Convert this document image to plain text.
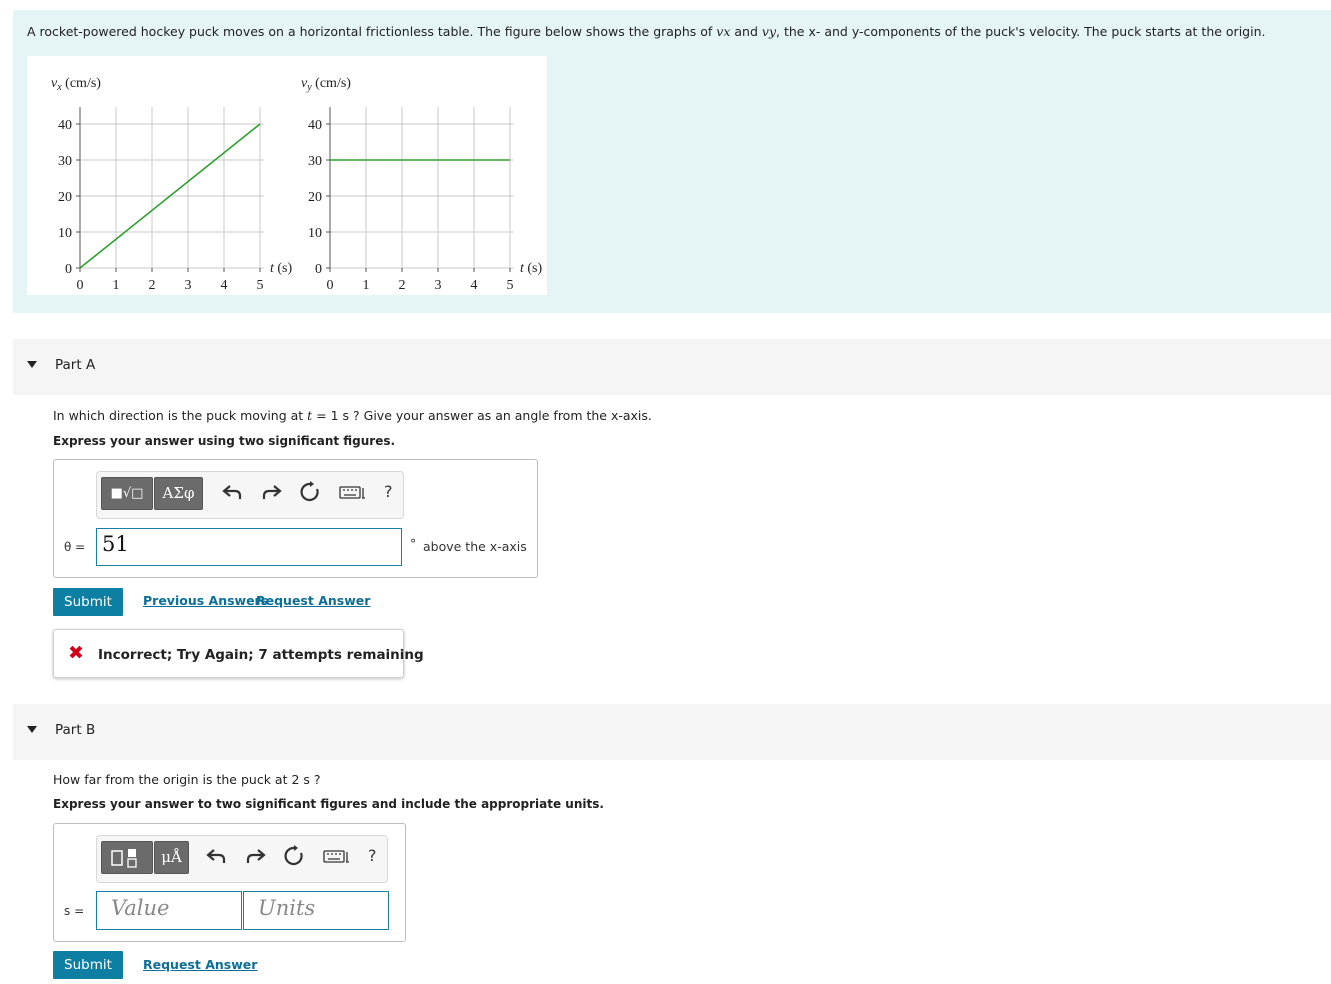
A rocket-powered hockey puck moves on a horizontal frictionless table. The figure below shows the graphs of vx and vy, the x- and y-components of the puck's velocity. The puck starts at the origin.
0
10
20
30
40
0 1 2 3 4 5
$v_x$ (cm/s)
t (s) 0
10
20
30
40
0 1 2 3 4 5
$v_y$ (cm/s)
t (s)
Part A
In which direction is the puck moving at t = 1 s ? Give your answer as an angle from the x-axis.
Express your answer using two significant figures.
■√□	ΑΣφ	?
θ = 51	° above the x-axis
Submit	Previous Answers
Request Answer
✖ Incorrect; Try Again; 7 attempts remaining
Part B
How far from the origin is the puck at 2 s ?
Express your answer to two significant figures and include the appropriate units.
μÅ	?
s = Value	Units
Submit	Request Answer
